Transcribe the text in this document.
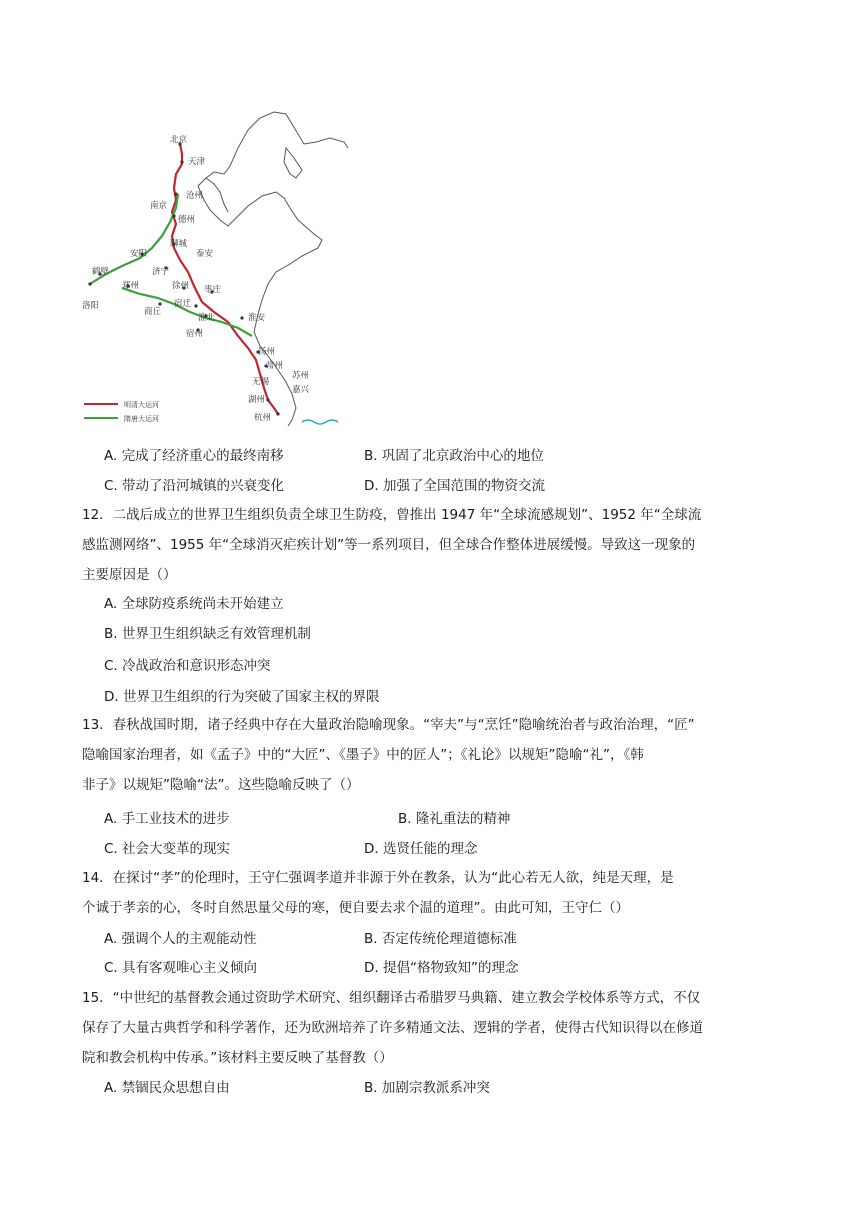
北京
天津
沧州
南京
德州
聊城
泰安
安阳
济宁
徐州 枣庄
鹤壁
郑州
宿迁
洛阳
商丘
淮北	淮安
宿州
扬州
常州
苏州
无锡
嘉兴
湖州
杭州
明清大运河
隋唐大运河
A. 完成了经济重心的最终南移	B. 巩固了北京政治中心的地位
C. 带动了沿河城镇的兴衰变化	D. 加强了全国范围的物资交流
12．二战后成立的世界卫生组织负责全球卫生防疫，曾推出 1947 年“全球流感规划”、1952 年“全球流
感监测网络”、1955 年“全球消灭疟疾计划”等一系列项目，但全球合作整体进展缓慢。导致这一现象的
主要原因是（）
A. 全球防疫系统尚未开始建立
B. 世界卫生组织缺乏有效管理机制
C. 冷战政治和意识形态冲突
D. 世界卫生组织的行为突破了国家主权的界限
13．春秋战国时期，诸子经典中存在大量政治隐喻现象。“宰夫”与“烹饪”隐喻统治者与政治治理，“匠”
隐喻国家治理者，如《孟子》中的“大匠”、《墨子》中的匠人”；《礼论》以规矩”隐喻“礼”，《韩
非子》以规矩”隐喻“法”。这些隐喻反映了（）
A. 手工业技术的进步	B. 隆礼重法的精神
C. 社会大变革的现实	D. 选贤任能的理念
14．在探讨“孝”的伦理时，王守仁强调孝道并非源于外在教条，认为“此心若无人欲，纯是天理，是
个诚于孝亲的心，冬时自然思量父母的寒，便自要去求个温的道理”。由此可知，王守仁（）
A. 强调个人的主观能动性	B. 否定传统伦理道德标准
C. 具有客观唯心主义倾向	D. 提倡“格物致知”的理念
15．“中世纪的基督教会通过资助学术研究、组织翻译古希腊罗马典籍、建立教会学校体系等方式，不仅
保存了大量古典哲学和科学著作，还为欧洲培养了许多精通文法、逻辑的学者，使得古代知识得以在修道
院和教会机构中传承。”该材料主要反映了基督教（）
A. 禁锢民众思想自由	B. 加剧宗教派系冲突
